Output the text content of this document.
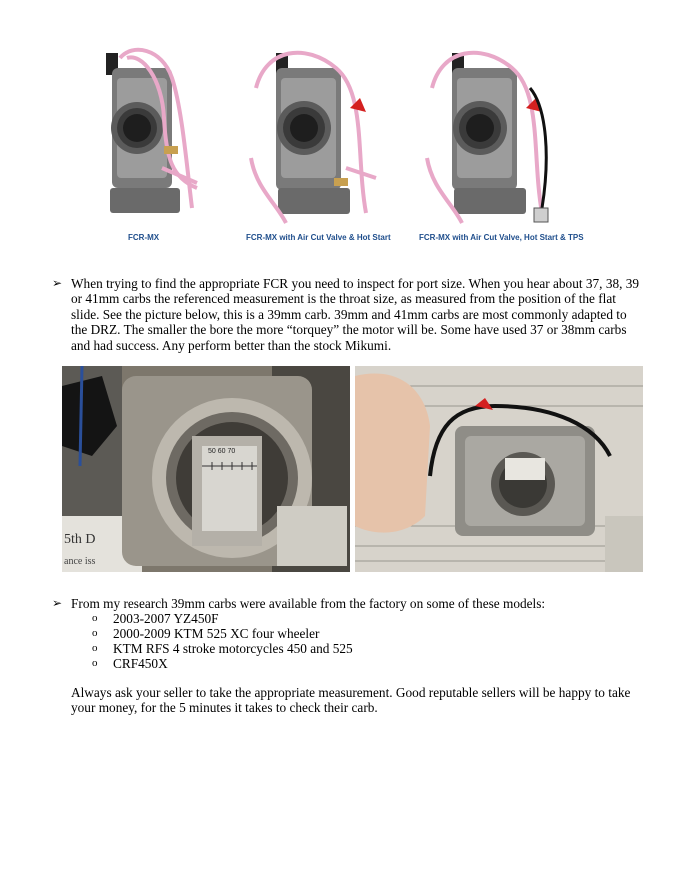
FCR-MX	FCR-MX with Air Cut Valve & Hot Start	FCR-MX with Air Cut Valve, Hot Start & TPS
➢ When trying to find the appropriate FCR you need to inspect for port size. When you hear about 37, 38, 39 or 41mm carbs the referenced measurement is the throat size, as measured from the position of the flat slide. See the picture below, this is a 39mm carb. 39mm and 41mm carbs are most commonly adapted to the DRZ. The smaller the bore the more “torquey” the motor will be. Some have used 37 or 38mm carbs and had success. Any perform better than the stock Mikumi.
5th D
ance iss
50 60 70
➢ From my research 39mm carbs were available from the factory on some of these models:
o 2003-2007 YZ450F
o 2000-2009 KTM 525 XC four wheeler
o KTM RFS 4 stroke motorcycles 450 and 525
o CRF450X
Always ask your seller to take the appropriate measurement. Good reputable sellers will be happy to take your money, for the 5 minutes it takes to check their carb.
